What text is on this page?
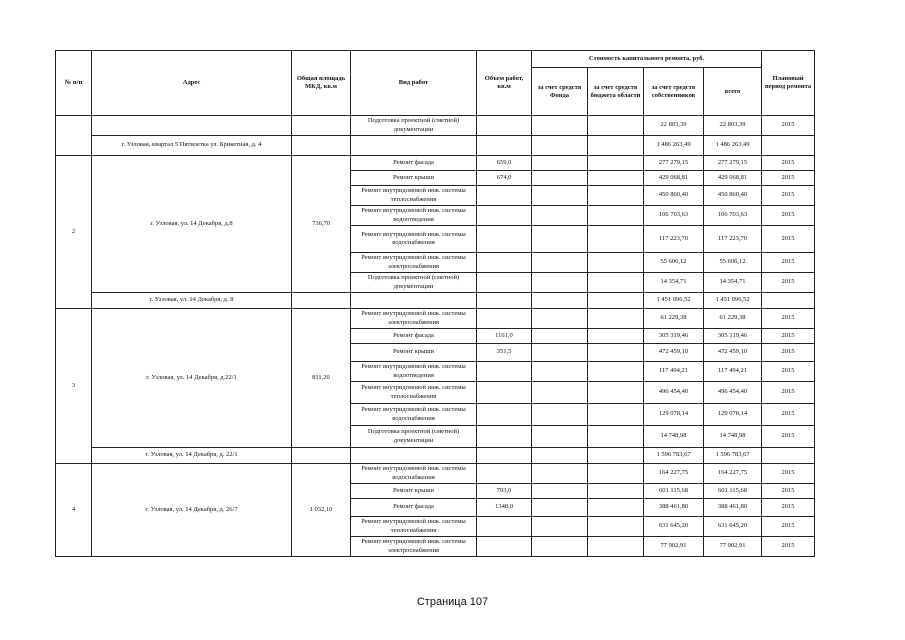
№ п/п	Адрес	Общая площадь МКД, кв.м	Вид работ	Объем работ, кв.м	Стоимость капитального ремонта, руб.				Плановый период ремонта
					за счет средств Фонда	за счет средств бюджета области	за счет средств собственников	всего	
			Подготовка проектной (сметной) документации				22 803,39	22 803,39	2015
	г. Узловая, квартал 5 Пятилетка ул. Брикетная, д. 4						1 486 263,49	1 486 263,49	
2	г. Узловая, ул. 14 Декабря, д.8	736,70	Ремонт фасада	659,0			277 279,15	277 279,15	2015
			Ремонт крыши	674,0			429 068,81	429 068,81	2015
			Ремонт внутридомовой инж. системы теплоснабжения				450 860,40	450 860,40	2015
			Ремонт внутридомовой инж. системы водоотведения				106 703,63	106 703,63	2015
			Ремонт внутридомовой инж. системы водоснабжения				117 223,70	117 223,70	2015
			Ремонт внутридомовой инж. системы электроснабжения				55 606,12	55 606,12	2015
			Подготовка проектной (сметной) документации				14 354,71	14 354,71	2015
	г. Узловая, ул. 14 Декабря, д. 8						1 451 096,52	1 451 096,52	
3	г. Узловая, ул. 14 Декабря, д.22/1	811,20	Ремонт внутридомовой инж. системы электроснабжения				61 229,38	61 229,38	2015
			Ремонт фасада	1161,0			305 319,46	305 319,46	2015
			Ремонт крыши	351,5			472 459,10	472 459,10	2015
			Ремонт внутридомовой инж. системы водоотведения				117 494,21	117 494,21	2015
			Ремонт внутридомовой инж. системы теплоснабжения				496 454,40	496 454,40	2015
			Ремонт внутридомовой инж. системы водоснабжения				129 078,14	129 078,14	2015
			Подготовка проектной (сметной) документации				14 748,98	14 748,98	2015
	г. Узловая, ул. 14 Декабря, д. 22/1						1 596 783,67	1 596 783,67	
4	г. Узловая, ул. 14 Декабря, д. 26/7	1 032,10	Ремонт внутридомовой инж. системы водоснабжения				164 227,75	164 227,75	2015
			Ремонт крыши	793,0			601 115,68	601 115,68	2015
			Ремонт фасада	1348,0			388 461,80	388 461,80	2015
			Ремонт внутридомовой инж. системы теплоснабжения				631 645,20	631 645,20	2015
			Ремонт внутридомовой инж. системы электроснабжения				77 902,91	77 902,91	2015
Страница 107
